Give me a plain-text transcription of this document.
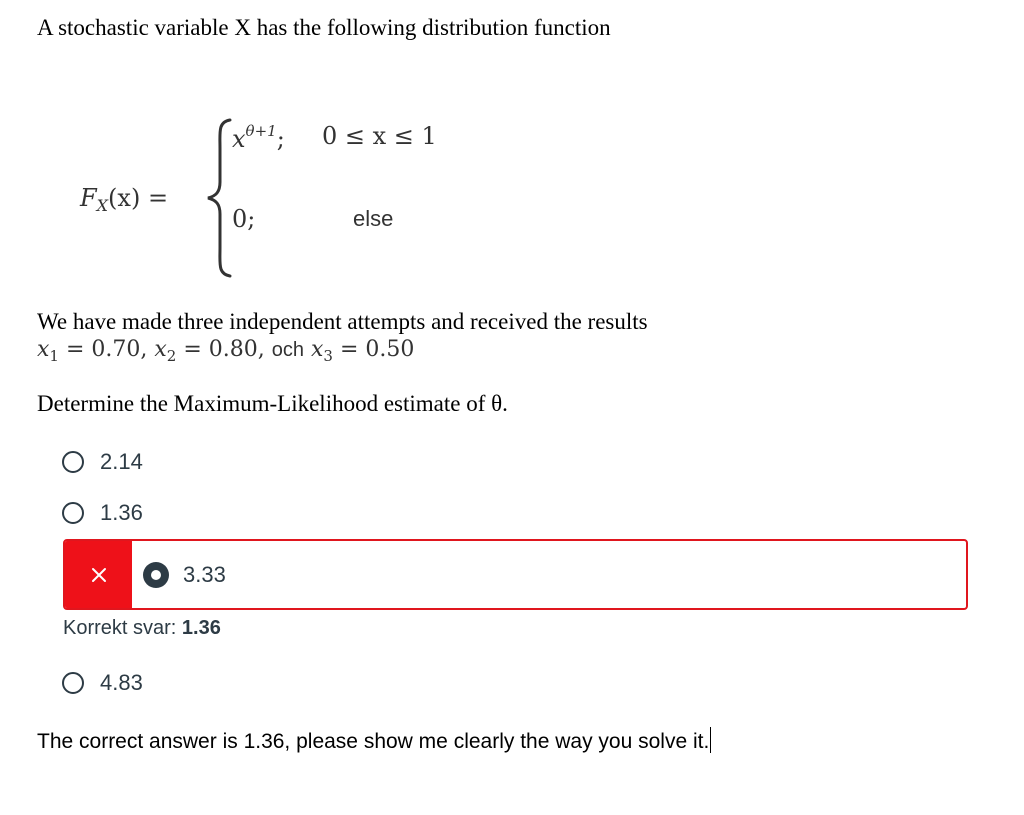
A stochastic variable X has the following distribution function
$F_X(x)$ =
$x^{\theta+1}$; 0 ≤ x ≤ 1
0;	else
We have made three independent attempts and received the results
$x_1 = 0.70$, $x_2 = 0.80$, och $x_3 = 0.50$
Determine the Maximum-Likelihood estimate of θ.
2.14
1.36
3.33
Korrekt svar: 1.36
4.83
The correct answer is 1.36, please show me clearly the way you solve it.
